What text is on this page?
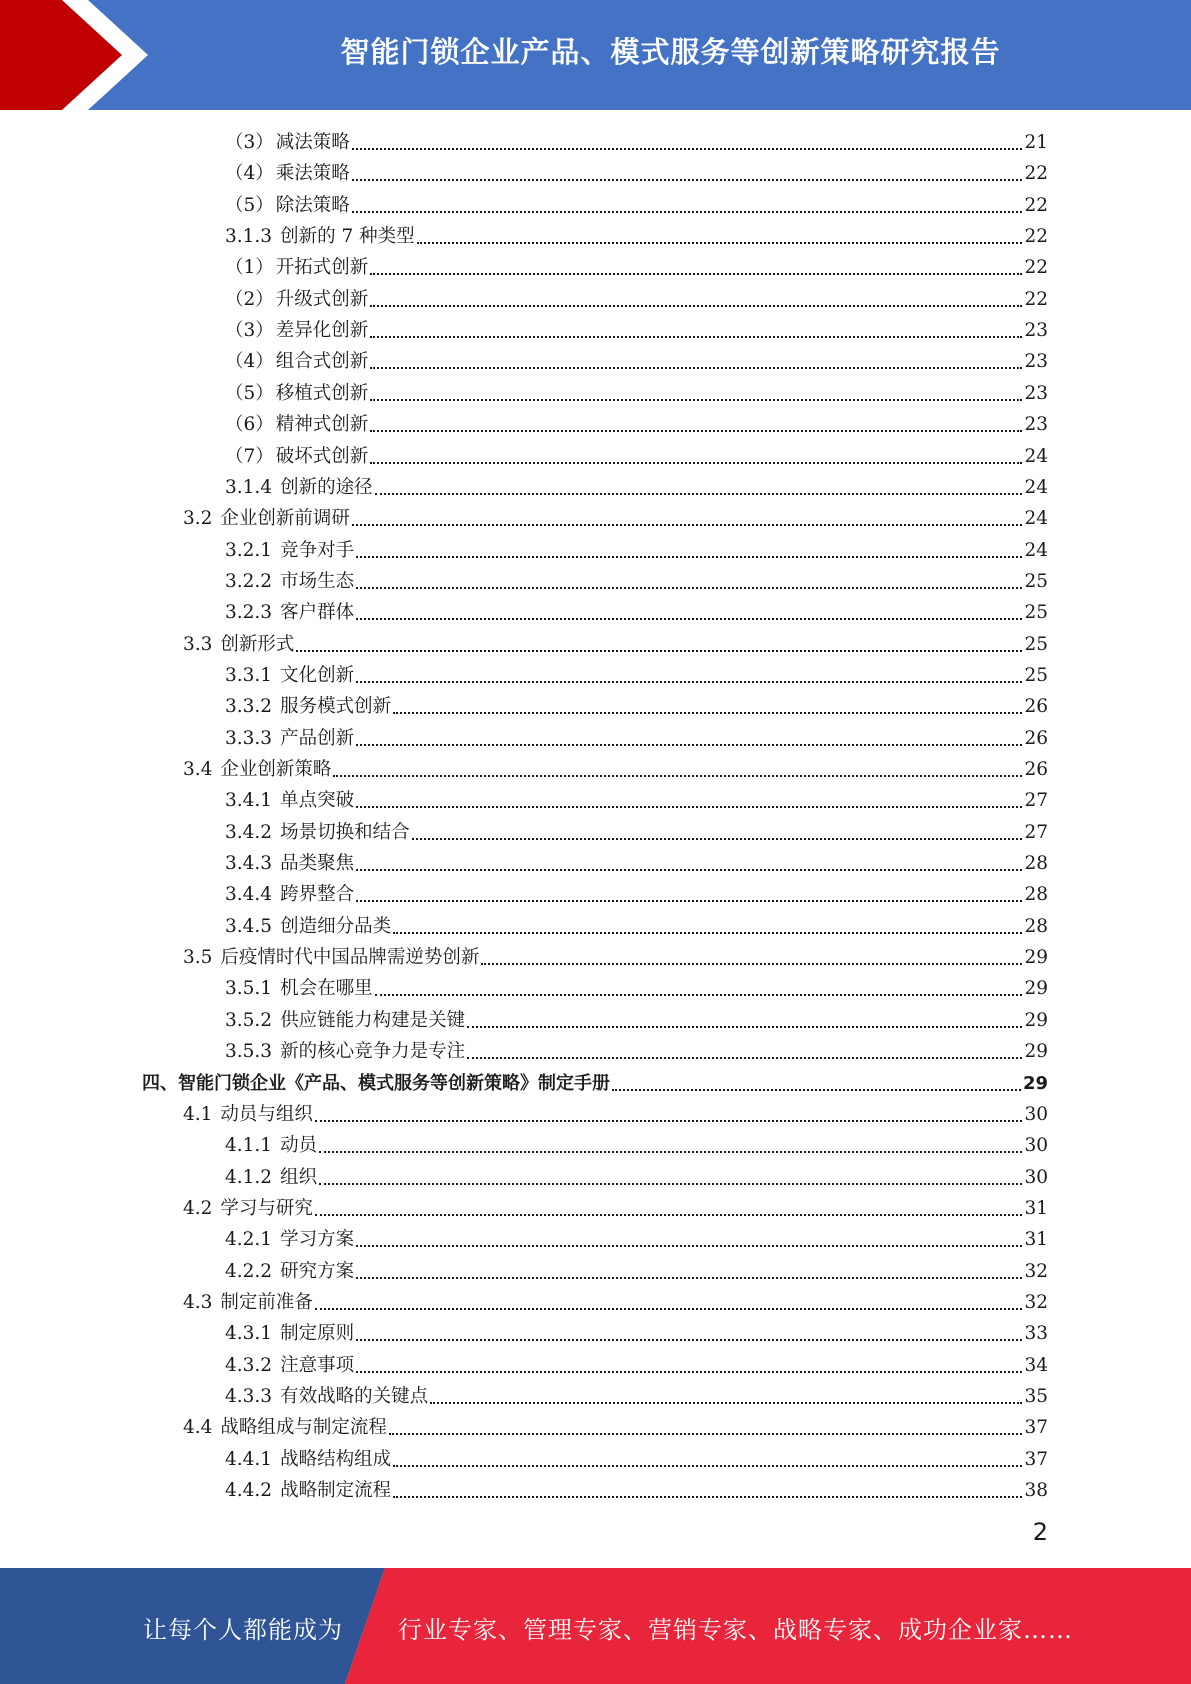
智能门锁企业产品、模式服务等创新策略研究报告
（3） 减法策略	21
（4） 乘法策略	22
（5） 除法策略	22
3.1.3 创新的 7 种类型	22
（1） 开拓式创新	22
（2） 升级式创新	22
（3） 差异化创新	23
（4） 组合式创新	23
（5） 移植式创新	23
（6） 精神式创新	23
（7） 破坏式创新	24
3.1.4 创新的途径	24
3.2 企业创新前调研	24
3.2.1 竞争对手	24
3.2.2 市场生态	25
3.2.3 客户群体	25
3.3 创新形式	25
3.3.1 文化创新	25
3.3.2 服务模式创新	26
3.3.3 产品创新	26
3.4 企业创新策略	26
3.4.1 单点突破	27
3.4.2 场景切换和结合	27
3.4.3 品类聚焦	28
3.4.4 跨界整合	28
3.4.5 创造细分品类	28
3.5 后疫情时代中国品牌需逆势创新	29
3.5.1 机会在哪里	29
3.5.2 供应链能力构建是关键	29
3.5.3 新的核心竞争力是专注	29
四、智能门锁企业《产品、模式服务等创新策略》制定手册	29
4.1 动员与组织	30
4.1.1 动员	30
4.1.2 组织	30
4.2 学习与研究	31
4.2.1 学习方案	31
4.2.2 研究方案	32
4.3 制定前准备	32
4.3.1 制定原则	33
4.3.2 注意事项	34
4.3.3 有效战略的关键点	35
4.4 战略组成与制定流程	37
4.4.1 战略结构组成	37
4.4.2 战略制定流程	38
2
让每个人都能成为 行业专家、管理专家、营销专家、战略专家、成功企业家……
